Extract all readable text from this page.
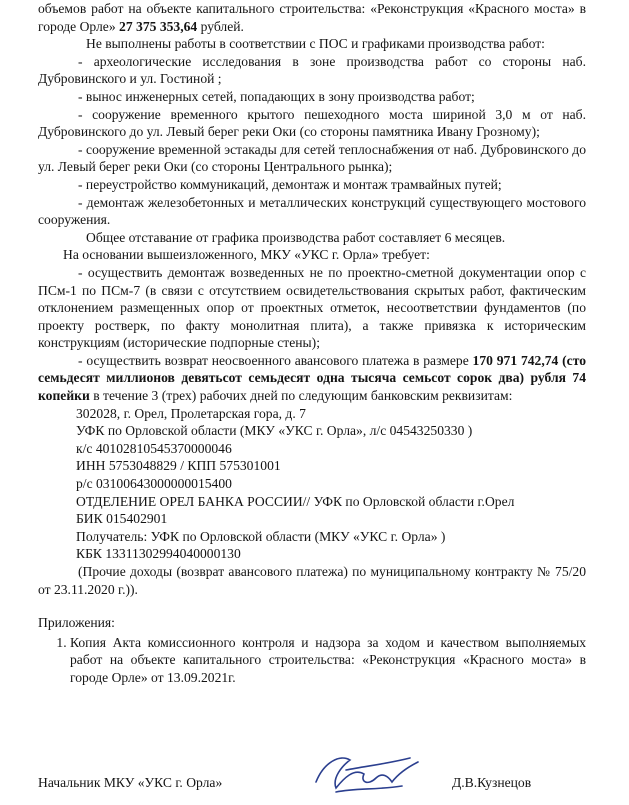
объемов работ на объекте капитального строительства: «Реконструкция «Красного моста» в городе Орле» 27 375 353,64 рублей.

Не выполнены работы в соответствии с ПОС и графиками производства работ:

- археологические исследования в зоне производства работ со стороны наб. Дубровинского и ул. Гостиной ;

- вынос инженерных сетей, попадающих в зону производства работ;

- сооружение временного крытого пешеходного моста шириной 3,0 м от наб. Дубровинского до ул. Левый берег реки Оки (со стороны памятника Ивану Грозному);

- сооружение временной эстакады для сетей теплоснабжения от наб. Дубровинского до ул. Левый берег реки Оки (со стороны Центрального рынка);

- переустройство коммуникаций, демонтаж и монтаж трамвайных путей;

- демонтаж железобетонных и металлических конструкций существующего мостового сооружения.

Общее отставание от графика производства работ составляет 6 месяцев.

На основании вышеизложенного, МКУ «УКС г. Орла» требует:

- осуществить демонтаж возведенных не по проектно-сметной документации опор с ПСм-1 по ПСм-7 (в связи с отсутствием освидетельствования скрытых работ, фактическим отклонением размещенных опор от проектных отметок, несоответствии фундаментов (по проекту ростверк, по факту монолитная плита), а также привязка к историческим конструкциям (исторические подпорные стены);

- осуществить возврат неосвоенного авансового платежа в размере 170 971 742,74 (сто семьдесят миллионов девятьсот семьдесят одна тысяча семьсот сорок два) рубля 74 копейки в течение 3 (трех) рабочих дней по следующим банковским реквизитам:

302028, г. Орел, Пролетарская гора, д. 7
УФК по Орловской области (МКУ «УКС г. Орла», л/с 04543250330 )
к/с 40102810545370000046
ИНН 5753048829 / КПП 575301001
р/с 03100643000000015400
ОТДЕЛЕНИЕ ОРЕЛ БАНКА РОССИИ// УФК по Орловской области г.Орел
БИК 015402901
Получатель: УФК по Орловской области (МКУ «УКС г. Орла» )
КБК 13311302994040000130

(Прочие доходы (возврат авансового платежа) по муниципальному контракту № 75/20 от 23.11.2020 г.)).

Приложения:

1. Копия Акта комиссионного контроля и надзора за ходом и качеством выполняемых работ на объекте капитального строительства: «Реконструкция «Красного моста» в городе Орле» от 13.09.2021г.
Начальник МКУ «УКС г. Орла»	Д.В.Кузнецов
